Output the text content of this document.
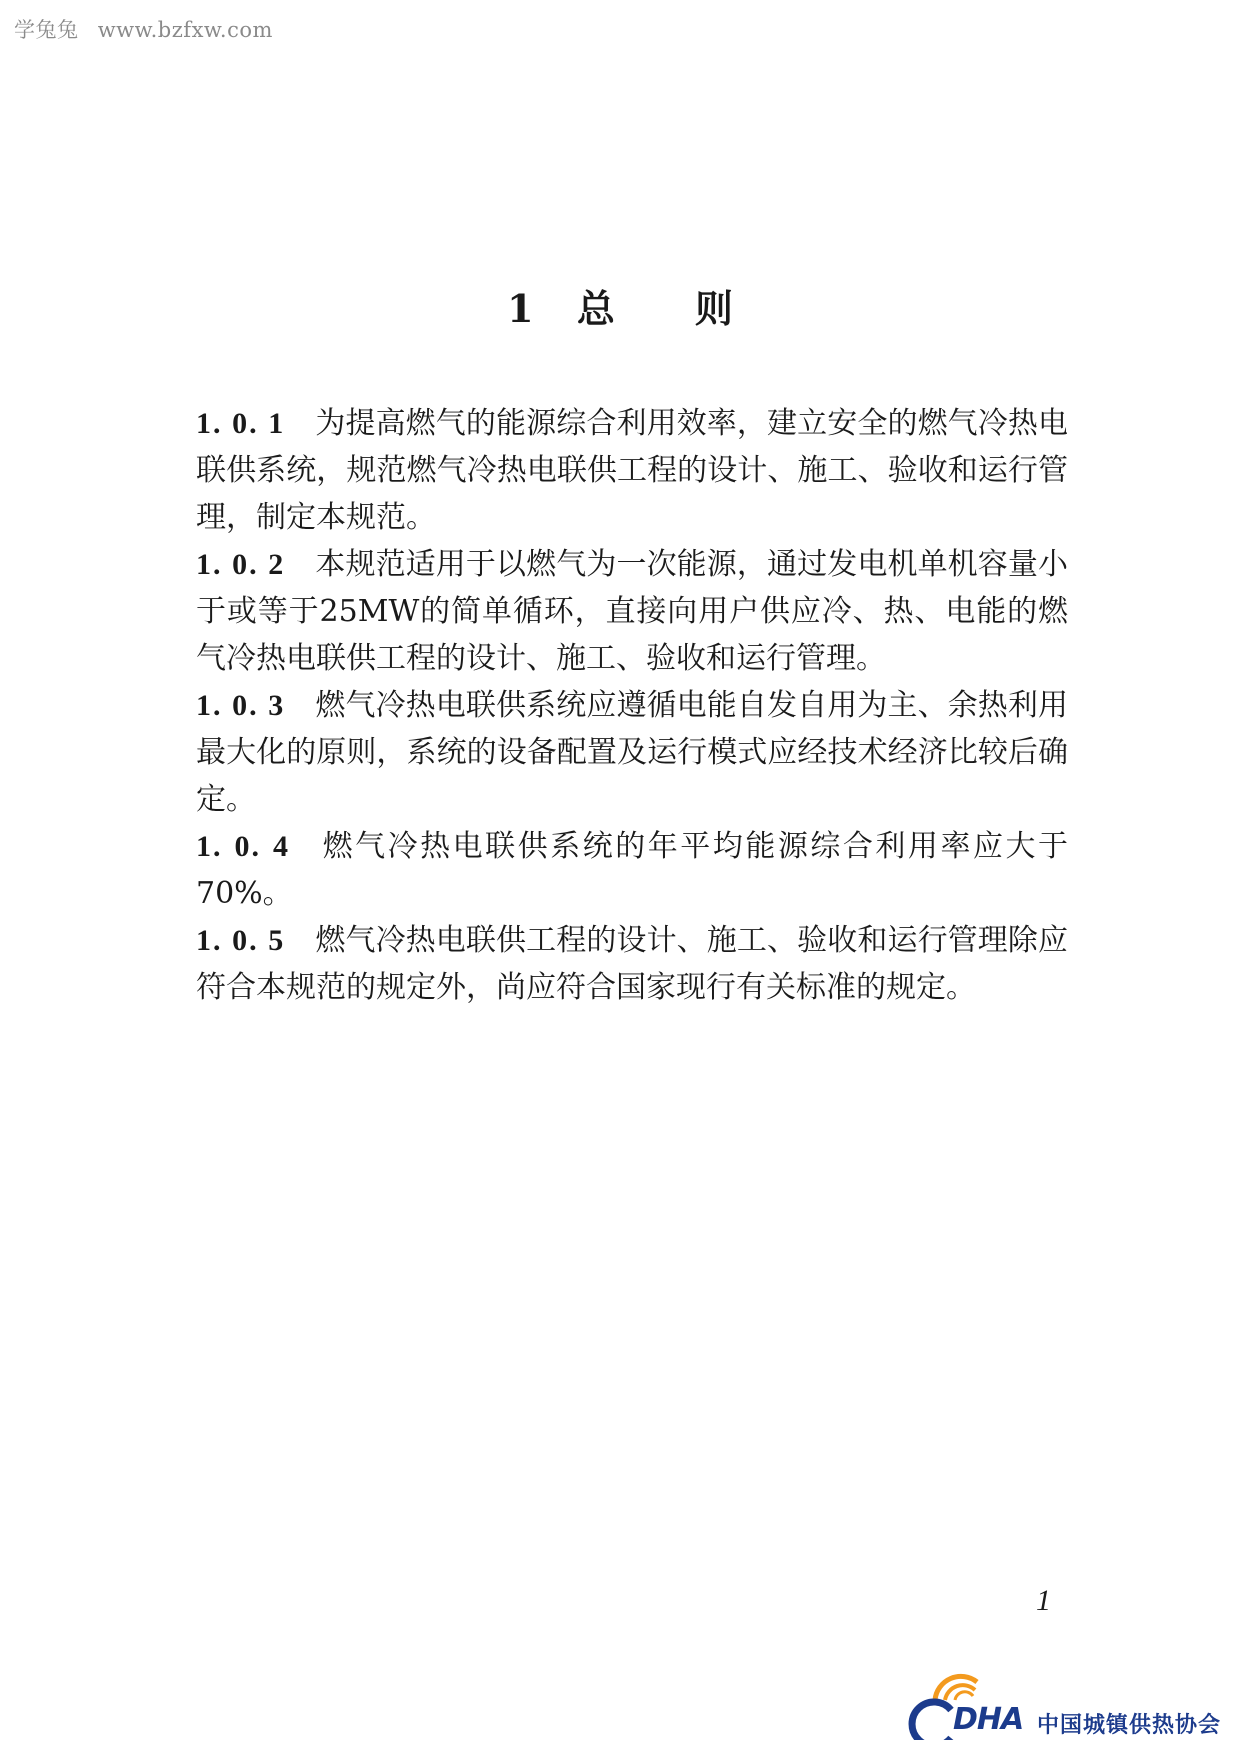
学兔兔 www.bzfxw.com
1 总则

1. 0. 1 为提高燃气的能源综合利用效率，建立安全的燃气冷热电联供系统，规范燃气冷热电联供工程的设计、施工、验收和运行管理，制定本规范。

1. 0. 2 本规范适用于以燃气为一次能源，通过发电机单机容量小于或等于25MW的简单循环，直接向用户供应冷、热、电能的燃气冷热电联供工程的设计、施工、验收和运行管理。

1. 0. 3 燃气冷热电联供系统应遵循电能自发自用为主、余热利用最大化的原则，系统的设备配置及运行模式应经技术经济比较后确定。

1. 0. 4 燃气冷热电联供系统的年平均能源综合利用率应大于70%。

1. 0. 5 燃气冷热电联供工程的设计、施工、验收和运行管理除应符合本规范的规定外，尚应符合国家现行有关标准的规定。

1
DHA 中国城镇供热协会
